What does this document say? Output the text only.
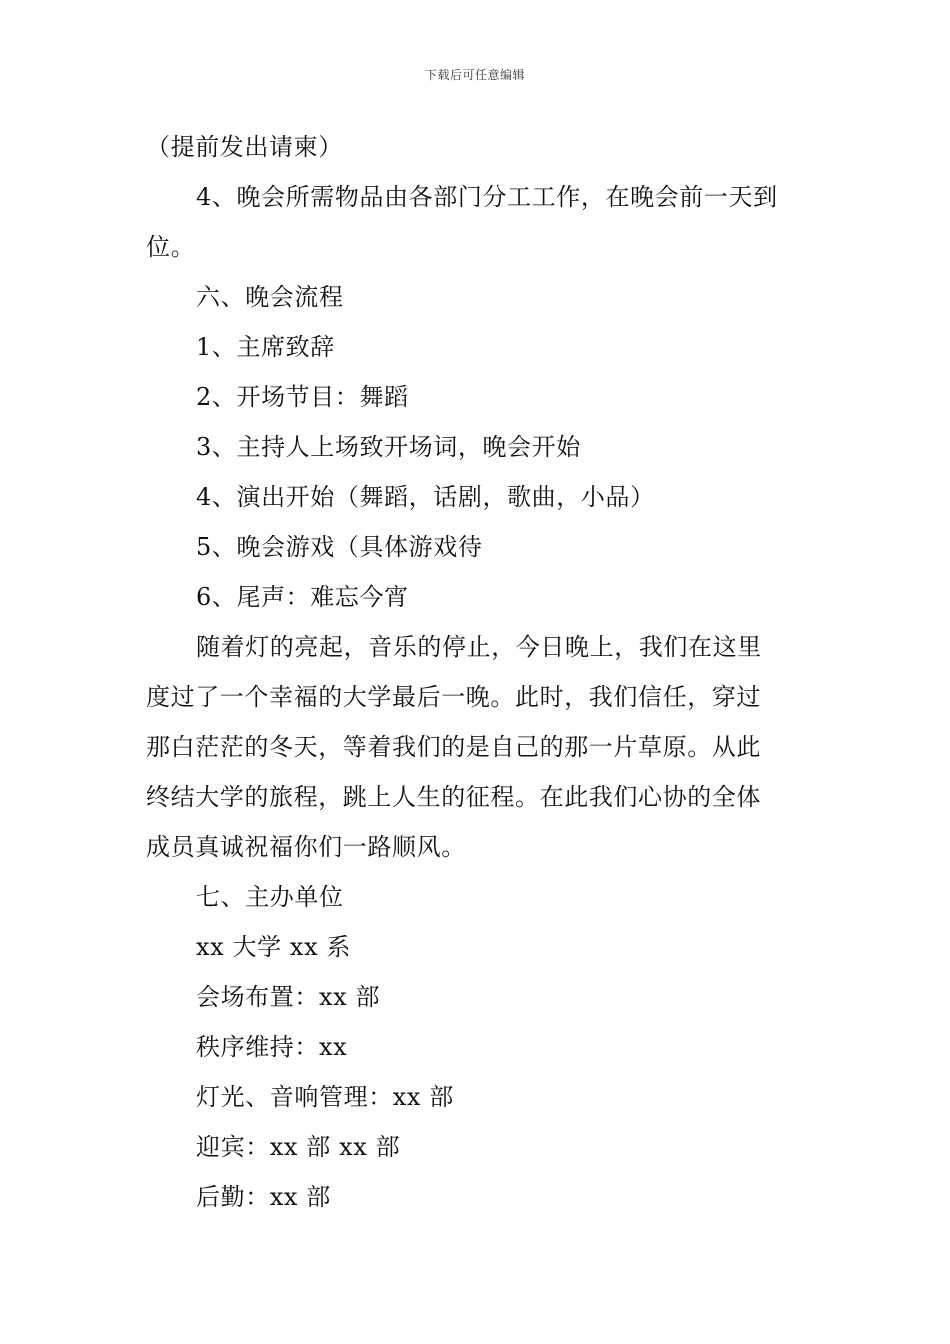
下载后可任意编辑
（提前发出请柬）
4、晚会所需物品由各部门分工工作，在晚会前一天到
位。
六、晚会流程
1、主席致辞
2、开场节目：舞蹈
3、主持人上场致开场词，晚会开始
4、演出开始（舞蹈，话剧，歌曲，小品）
5、晚会游戏（具体游戏待
6、尾声：难忘今宵
随着灯的亮起，音乐的停止，今日晚上，我们在这里
度过了一个幸福的大学最后一晚。此时，我们信任，穿过
那白茫茫的冬天，等着我们的是自己的那一片草原。从此
终结大学的旅程，跳上人生的征程。在此我们心协的全体
成员真诚祝福你们一路顺风。
七、主办单位
xx 大学 xx 系
会场布置：xx 部
秩序维持：xx
灯光、音响管理：xx 部
迎宾：xx 部 xx 部
后勤：xx 部
